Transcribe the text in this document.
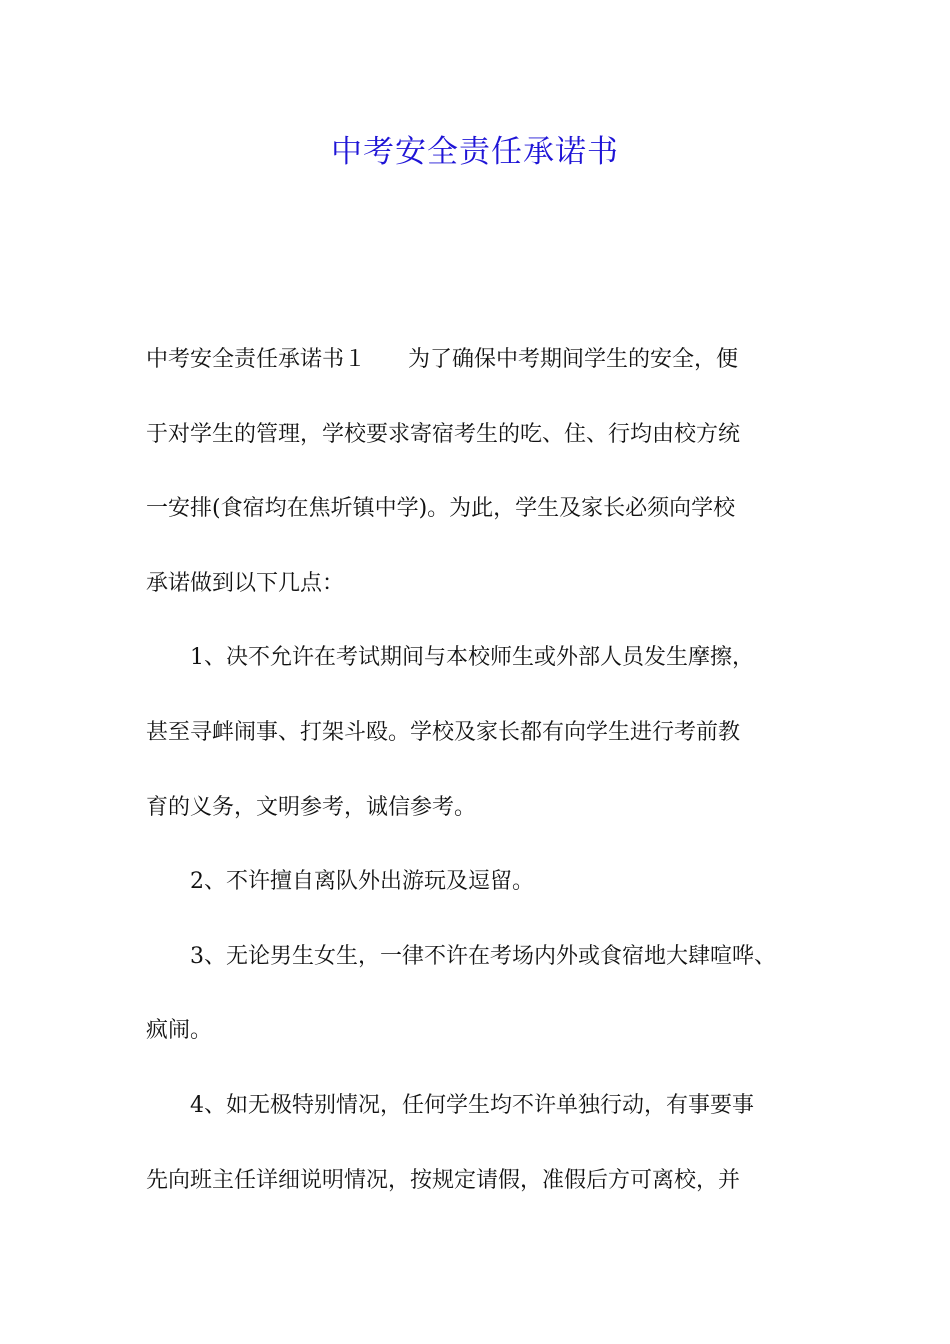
中考安全责任承诺书
中考安全责任承诺书１ 为了确保中考期间学生的安全，便
于对学生的管理，学校要求寄宿考生的吃、住、行均由校方统
一安排(食宿均在焦圻镇中学)。为此，学生及家长必须向学校
承诺做到以下几点：
1、决不允许在考试期间与本校师生或外部人员发生摩擦，
甚至寻衅闹事、打架斗殴。学校及家长都有向学生进行考前教
育的义务，文明参考，诚信参考。
2、不许擅自离队外出游玩及逗留。
3、无论男生女生，一律不许在考场内外或食宿地大肆喧哗、
疯闹。
4、如无极特别情况，任何学生均不许单独行动，有事要事
先向班主任详细说明情况，按规定请假，准假后方可离校，并
